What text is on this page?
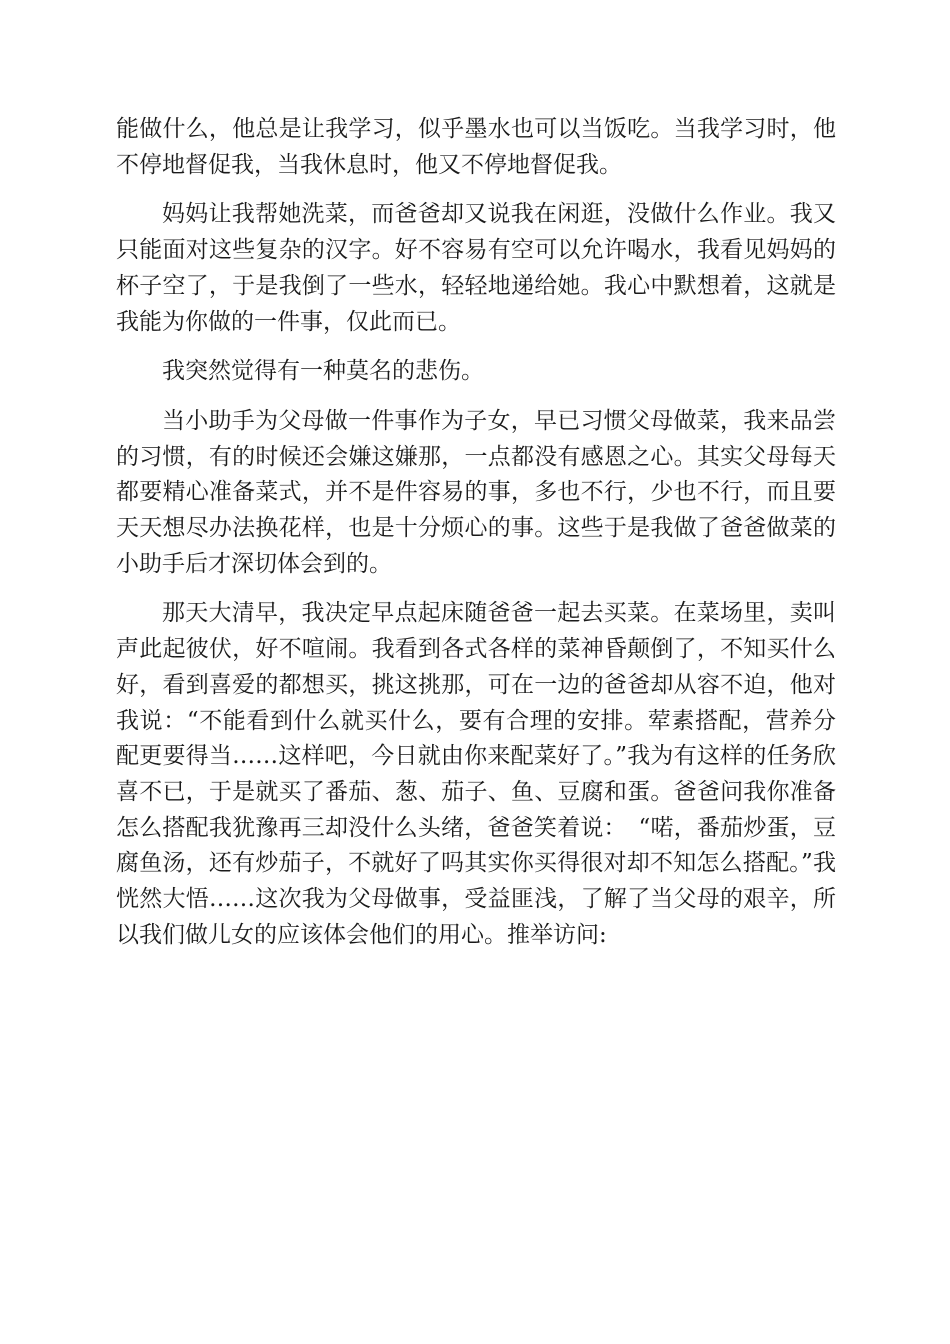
能做什么，他总是让我学习，似乎墨水也可以当饭吃。当我学习时，他不停地督促我，当我休息时，他又不停地督促我。

妈妈让我帮她洗菜，而爸爸却又说我在闲逛，没做什么作业。我又只能面对这些复杂的汉字。好不容易有空可以允许喝水，我看见妈妈的杯子空了，于是我倒了一些水，轻轻地递给她。我心中默想着，这就是我能为你做的一件事，仅此而已。

我突然觉得有一种莫名的悲伤。

当小助手为父母做一件事作为子女，早已习惯父母做菜，我来品尝的习惯，有的时候还会嫌这嫌那，一点都没有感恩之心。其实父母每天都要精心准备菜式，并不是件容易的事，多也不行，少也不行，而且要天天想尽办法换花样，也是十分烦心的事。这些于是我做了爸爸做菜的小助手后才深切体会到的。

那天大清早，我决定早点起床随爸爸一起去买菜。在菜场里，卖叫声此起彼伏，好不喧闹。我看到各式各样的菜神昏颠倒了，不知买什么好，看到喜爱的都想买，挑这挑那，可在一边的爸爸却从容不迫，他对我说：“不能看到什么就买什么，要有合理的安排。荤素搭配，营养分配更要得当……这样吧，今日就由你来配菜好了。”我为有这样的任务欣喜不已，于是就买了番茄、葱、茄子、鱼、豆腐和蛋。爸爸问我你准备怎么搭配我犹豫再三却没什么头绪，爸爸笑着说：　“喏，番茄炒蛋，豆腐鱼汤，还有炒茄子，不就好了吗其实你买得很对却不知怎么搭配。”我恍然大悟……这次我为父母做事，受益匪浅，了解了当父母的艰辛，所以我们做儿女的应该体会他们的用心。推举访问:
